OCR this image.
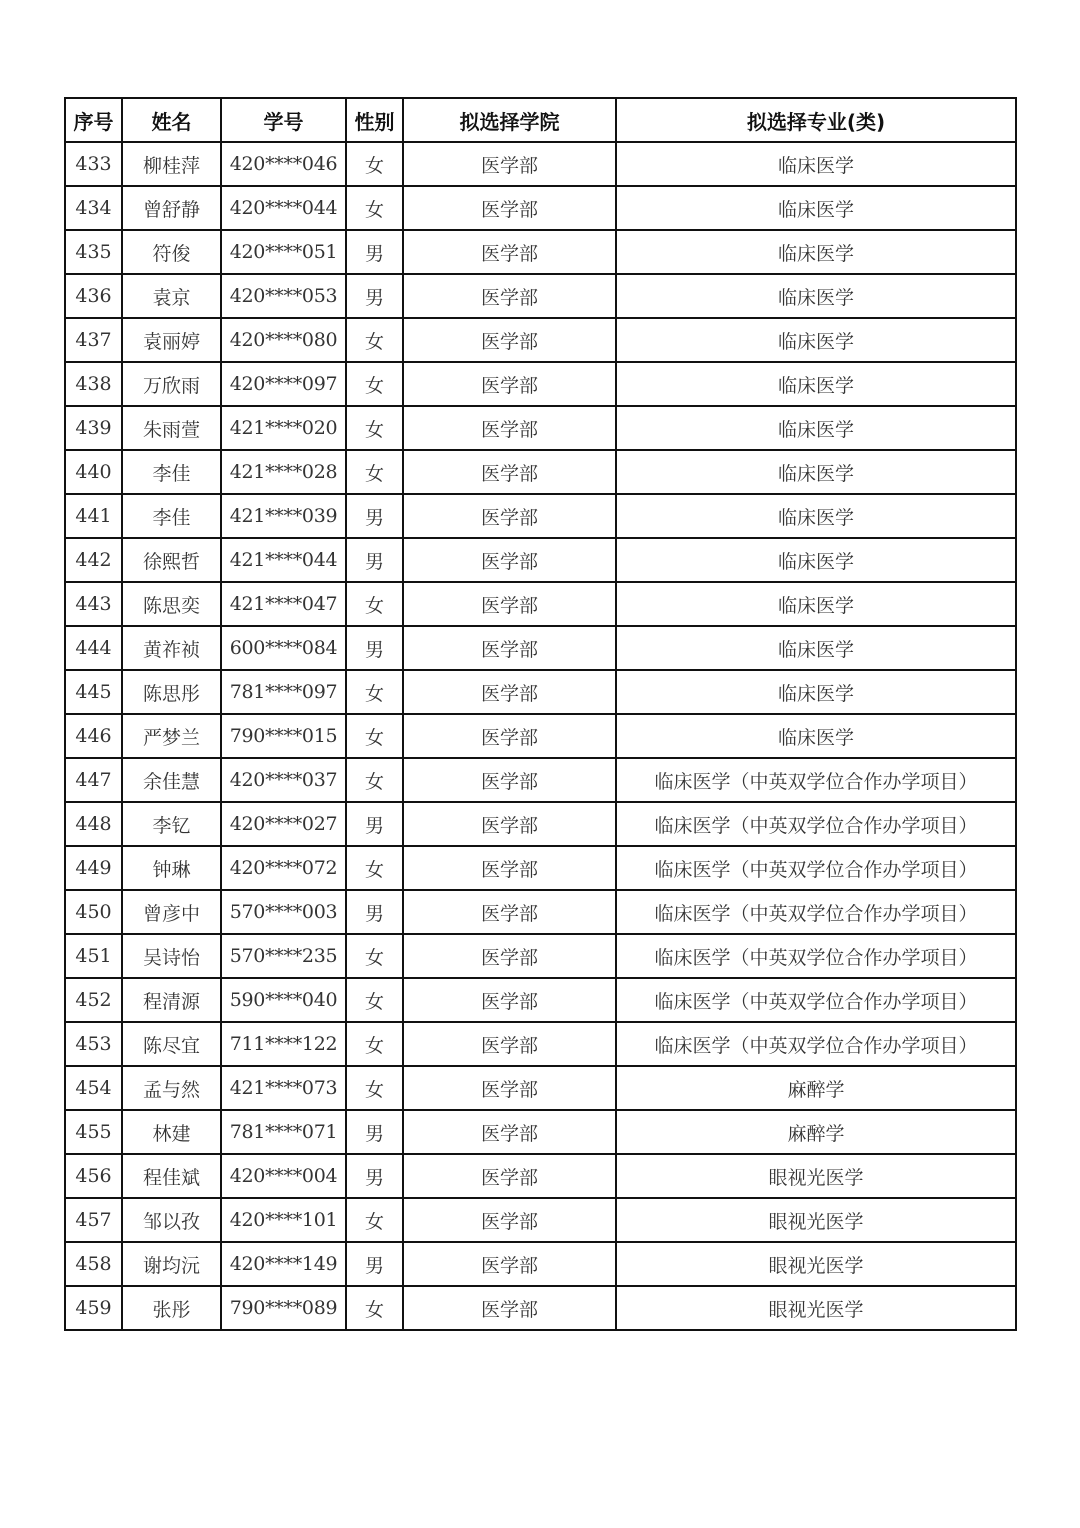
序号	姓名	学号	性别	拟选择学院	拟选择专业(类)
433	柳桂萍	420****046	女	医学部	临床医学
434	曾舒静	420****044	女	医学部	临床医学
435	符俊	420****051	男	医学部	临床医学
436	袁京	420****053	男	医学部	临床医学
437	袁丽婷	420****080	女	医学部	临床医学
438	万欣雨	420****097	女	医学部	临床医学
439	朱雨萱	421****020	女	医学部	临床医学
440	李佳	421****028	女	医学部	临床医学
441	李佳	421****039	男	医学部	临床医学
442	徐熙哲	421****044	男	医学部	临床医学
443	陈思奕	421****047	女	医学部	临床医学
444	黄祚祯	600****084	男	医学部	临床医学
445	陈思彤	781****097	女	医学部	临床医学
446	严梦兰	790****015	女	医学部	临床医学
447	余佳慧	420****037	女	医学部	临床医学（中英双学位合作办学项目）
448	李钇	420****027	男	医学部	临床医学（中英双学位合作办学项目）
449	钟琳	420****072	女	医学部	临床医学（中英双学位合作办学项目）
450	曾彦中	570****003	男	医学部	临床医学（中英双学位合作办学项目）
451	吴诗怡	570****235	女	医学部	临床医学（中英双学位合作办学项目）
452	程清源	590****040	女	医学部	临床医学（中英双学位合作办学项目）
453	陈尽宜	711****122	女	医学部	临床医学（中英双学位合作办学项目）
454	孟与然	421****073	女	医学部	麻醉学
455	林建	781****071	男	医学部	麻醉学
456	程佳斌	420****004	男	医学部	眼视光医学
457	邹以孜	420****101	女	医学部	眼视光医学
458	谢均沅	420****149	男	医学部	眼视光医学
459	张彤	790****089	女	医学部	眼视光医学
